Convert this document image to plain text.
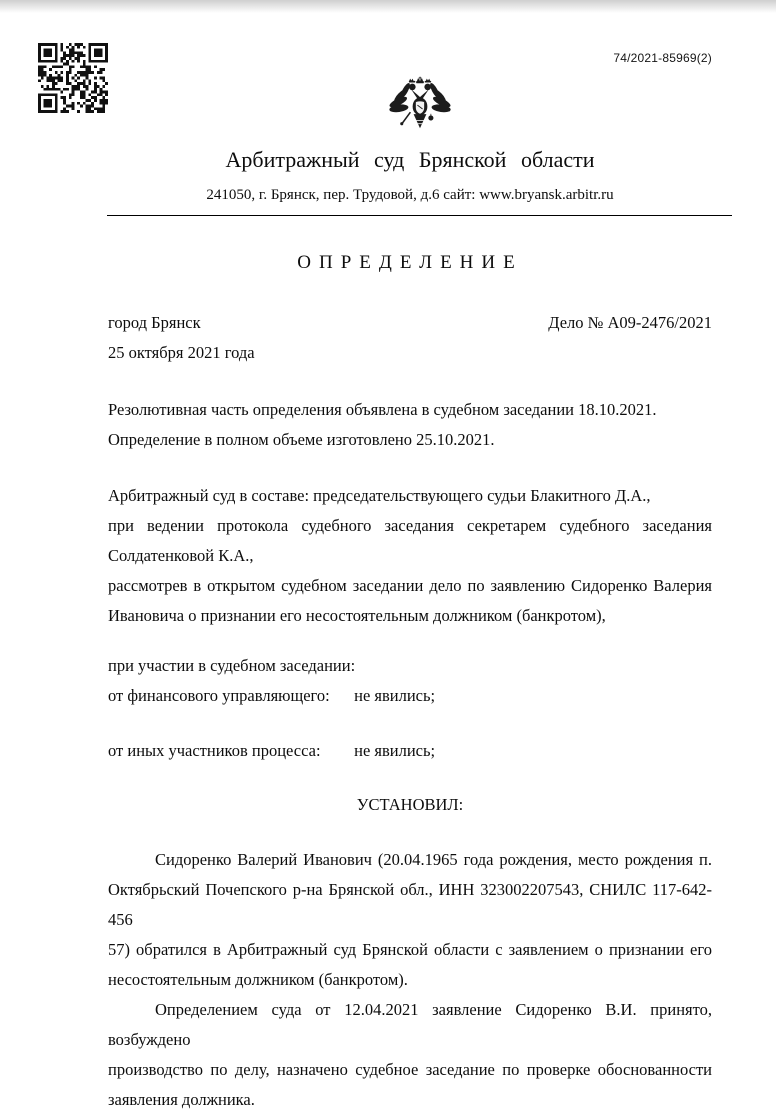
74/2021-85969(2)
Арбитражный суд Брянской области
241050, г. Брянск, пер. Трудовой, д.6 сайт: www.bryansk.arbitr.ru
ОПРЕДЕЛЕНИЕ
город Брянск	Дело № А09-2476/2021
25 октября 2021 года
Резолютивная часть определения объявлена в судебном заседании 18.10.2021.
Определение в полном объеме изготовлено 25.10.2021.
Арбитражный суд в составе: председательствующего судьи Блакитного Д.А.,
при ведении протокола судебного заседания секретарем судебного заседания
Солдатенковой К.А.,
рассмотрев в открытом судебном заседании дело по заявлению Сидоренко Валерия
Ивановича о признании его несостоятельным должником (банкротом),
при участии в судебном заседании:
от финансового управляющего: не явились;
от иных участников процесса: не явились;
УСТАНОВИЛ:
Сидоренко Валерий Иванович (20.04.1965 года рождения, место рождения п.
Октябрьский Почепского р-на Брянской обл., ИНН 323002207543, СНИЛС 117-642-456
57) обратился в Арбитражный суд Брянской области с заявлением о признании его
несостоятельным должником (банкротом).
Определением суда от 12.04.2021 заявление Сидоренко В.И. принято, возбуждено
производство по делу, назначено судебное заседание по проверке обоснованности
заявления должника.
